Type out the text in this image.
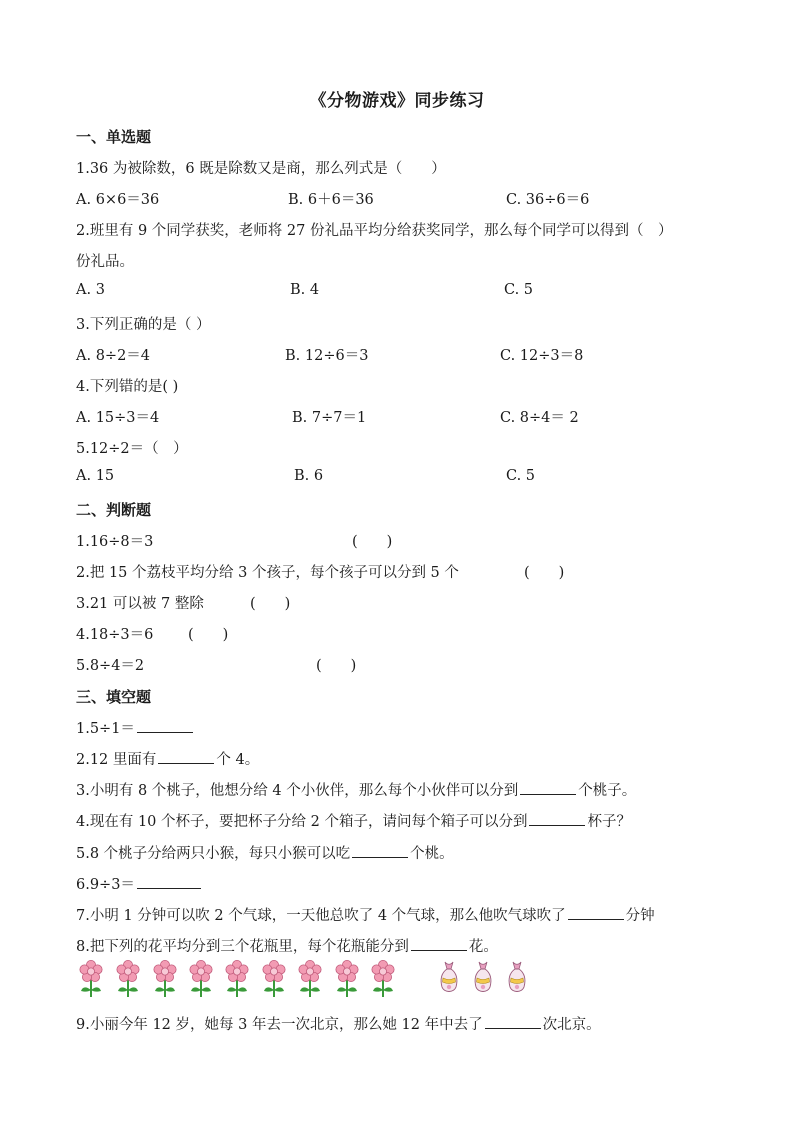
《分物游戏》同步练习
一、单选题
1.36 为被除数，6 既是除数又是商，那么列式是（　　）
A. 6×6＝36	B. 6＋6＝36	C. 36÷6＝6
2.班里有 9 个同学获奖，老师将 27 份礼品平均分给获奖同学，那么每个同学可以得到（　）
份礼品。
A. 3	B. 4	C. 5
3.下列正确的是（ ）
A. 8÷2＝4	B. 12÷6＝3	C. 12÷3＝8
4.下列错的是( )
A. 15÷3＝4	B. 7÷7＝1	C. 8÷4＝ 2
5.12÷2＝（　）
A. 15	B. 6	C. 5
二、判断题
1.16÷8＝3	(　　)
2.把 15 个荔枝平均分给 3 个孩子，每个孩子可以分到 5 个	(　　)
3.21 可以被 7 整除	(　　)
4.18÷3＝6 (　　)
5.8÷4＝2	(　　)
三、填空题
1.5÷1＝
2.12 里面有	个 4。
3.小明有 8 个桃子，他想分给 4 个小伙伴，那么每个小伙伴可以分到	个桃子。
4.现在有 10 个杯子，要把杯子分给 2 个箱子，请问每个箱子可以分到	杯子？
5.8 个桃子分给两只小猴，每只小猴可以吃	个桃。
6.9÷3＝
7.小明 1 分钟可以吹 2 个气球，一天他总吹了 4 个气球，那么他吹气球吹了	分钟
8.把下列的花平均分到三个花瓶里，每个花瓶能分到	花。
9.小丽今年 12 岁，她每 3 年去一次北京，那么她 12 年中去了	次北京。
